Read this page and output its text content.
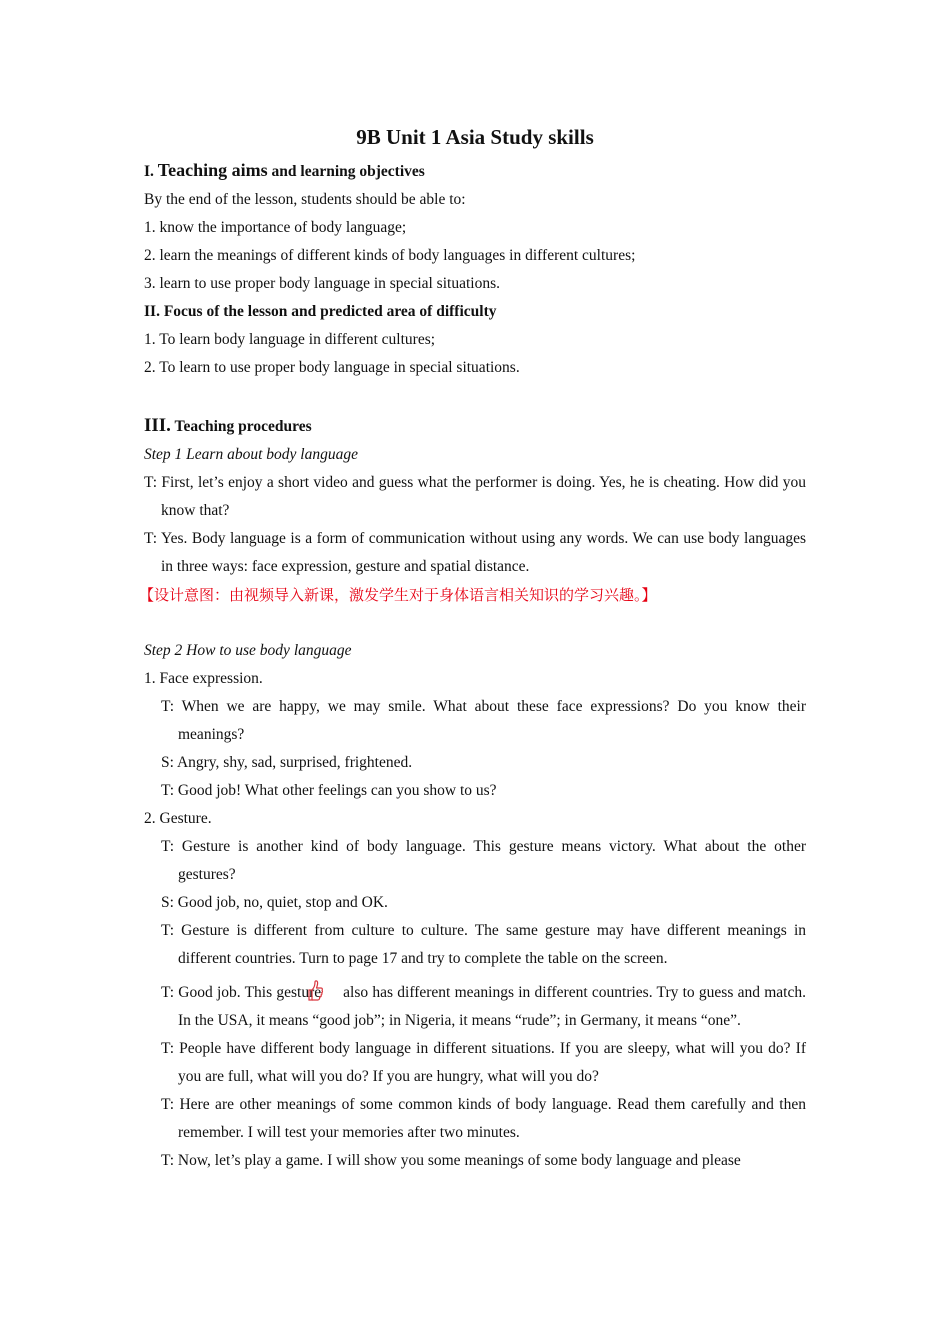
9B Unit 1 Asia Study skills
I. Teaching aims and learning objectives
By the end of the lesson, students should be able to:
1. know the importance of body language;
2. learn the meanings of different kinds of body languages in different cultures;
3. learn to use proper body language in special situations.
II. Focus of the lesson and predicted area of difficulty
1. To learn body language in different cultures;
2. To learn to use proper body language in special situations.
III. Teaching procedures
Step 1 Learn about body language
T: First, let’s enjoy a short video and guess what the performer is doing. Yes, he is cheating. How did you know that?
T: Yes. Body language is a form of communication without using any words. We can use body languages in three ways: face expression, gesture and spatial distance.
【设计意图：由视频导入新课，激发学生对于身体语言相关知识的学习兴趣。】
Step 2 How to use body language
1. Face expression.
T: When we are happy, we may smile. What about these face expressions? Do you know their meanings?
S: Angry, shy, sad, surprised, frightened.
T: Good job! What other feelings can you show to us?
2. Gesture.
T: Gesture is another kind of body language. This gesture means victory. What about the other gestures?
S: Good job, no, quiet, stop and OK.
T: Gesture is different from culture to culture. The same gesture may have different meanings in different countries. Turn to page 17 and try to complete the table on the screen.
T: Good job. This gesture also has different meanings in different countries. Try to guess and match. In the USA, it means “good job”; in Nigeria, it means “rude”; in Germany, it means “one”.
T: People have different body language in different situations. If you are sleepy, what will you do? If you are full, what will you do? If you are hungry, what will you do?
T: Here are other meanings of some common kinds of body language. Read them carefully and then remember. I will test your memories after two minutes.
T: Now, let’s play a game. I will show you some meanings of some body language and please
